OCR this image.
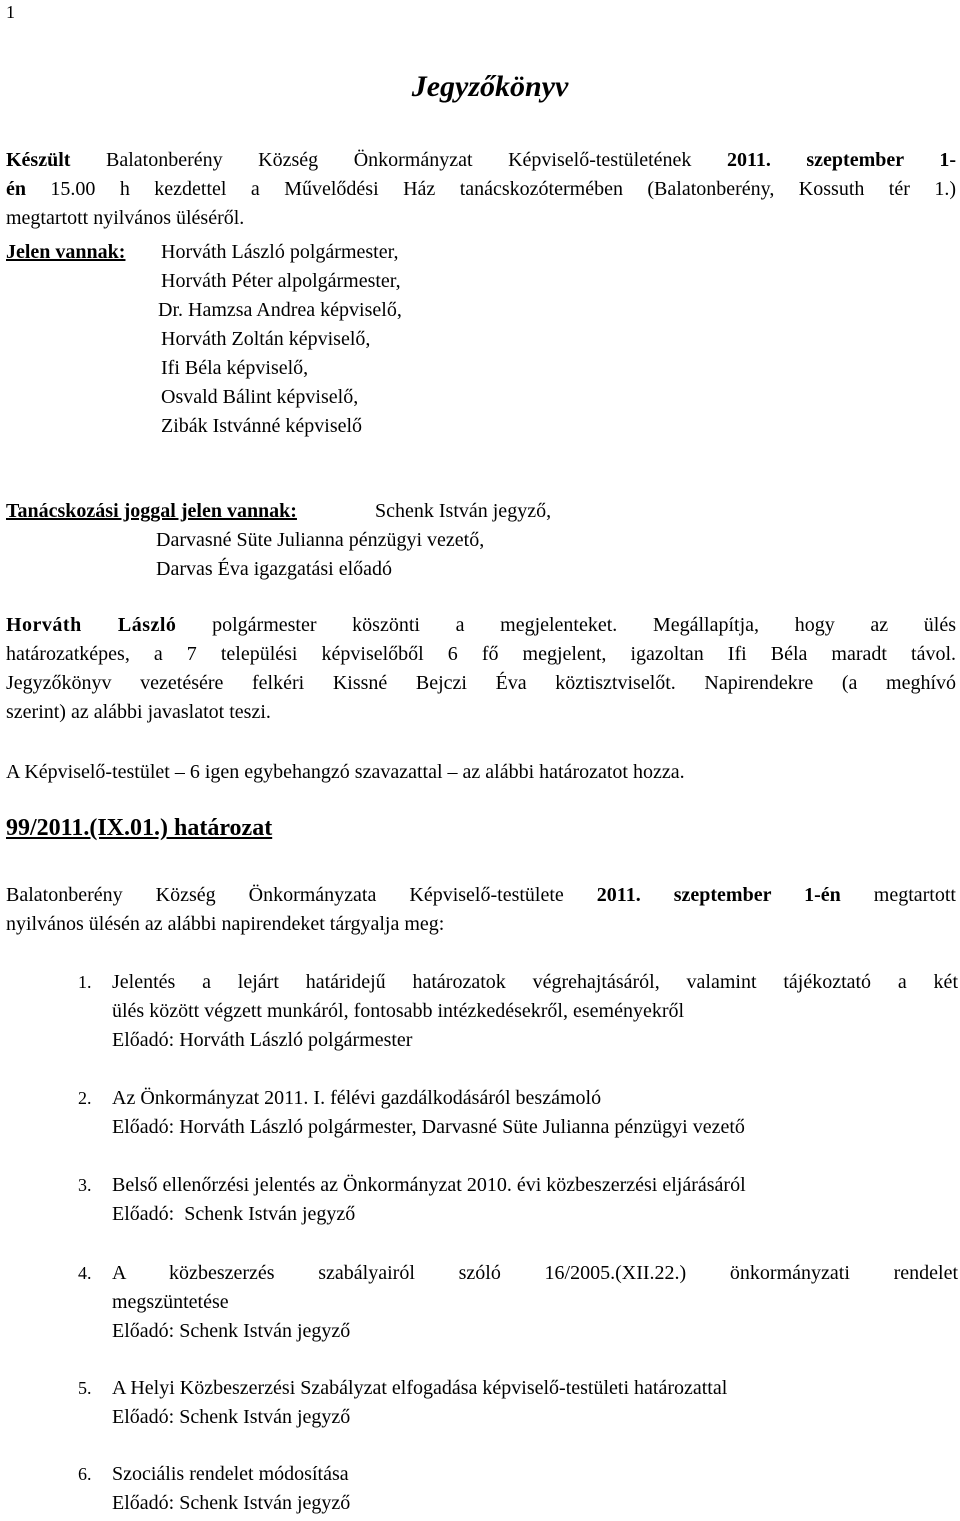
1
Jegyzőkönyv
Készült Balatonberény Község Önkormányzat Képviselő-testületének 2011. szeptember 1-
én 15.00 h kezdettel a Művelődési Ház tanácskozótermében (Balatonberény, Kossuth tér 1.)
megtartott nyilvános üléséről.
Jelen vannak: Horváth László polgármester,
Horváth Péter alpolgármester,
Dr. Hamzsa Andrea képviselő,
Horváth Zoltán képviselő,
Ifi Béla képviselő,
Osvald Bálint képviselő,
Zibák Istvánné képviselő
Tanácskozási joggal jelen vannak:	Schenk István jegyző,
Darvasné Süte Julianna pénzügyi vezető,
Darvas Éva igazgatási előadó
Horváth László polgármester köszönti a megjelenteket. Megállapítja, hogy az ülés
határozatképes, a 7 települési képviselőből 6 fő megjelent, igazoltan Ifi Béla maradt távol.
Jegyzőkönyv vezetésére felkéri Kissné Bejczi Éva köztisztviselőt. Napirendekre (a meghívó
szerint) az alábbi javaslatot teszi.
A Képviselő-testület – 6 igen egybehangzó szavazattal – az alábbi határozatot hozza.
99/2011.(IX.01.) határozat
Balatonberény Község Önkormányzata Képviselő-testülete 2011. szeptember 1-én megtartott
nyilvános ülésén az alábbi napirendeket tárgyalja meg:
1. Jelentés a lejárt határidejű határozatok végrehajtásáról, valamint tájékoztató a két
ülés között végzett munkáról, fontosabb intézkedésekről, eseményekről
Előadó: Horváth László polgármester
2. Az Önkormányzat 2011. I. félévi gazdálkodásáról beszámoló
Előadó: Horváth László polgármester, Darvasné Süte Julianna pénzügyi vezető
3. Belső ellenőrzési jelentés az Önkormányzat 2010. évi közbeszerzési eljárásáról
Előadó:  Schenk István jegyző
4. A közbeszerzés szabályairól szóló 16/2005.(XII.22.) önkormányzati rendelet
megszüntetése
Előadó: Schenk István jegyző
5. A Helyi Közbeszerzési Szabályzat elfogadása képviselő-testületi határozattal
Előadó: Schenk István jegyző
6. Szociális rendelet módosítása
Előadó: Schenk István jegyző
